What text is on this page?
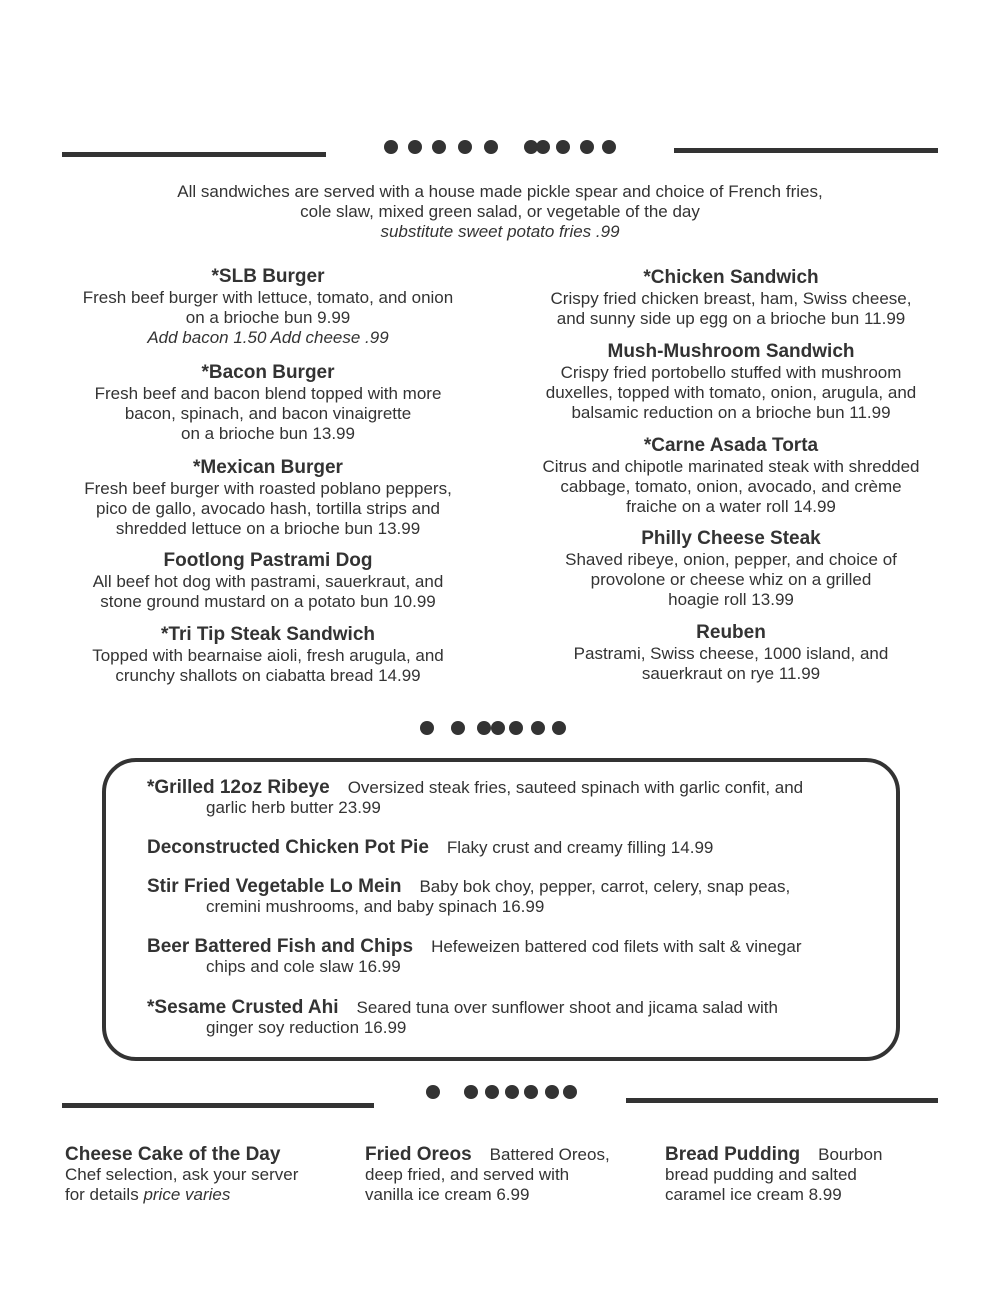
All sandwiches are served with a house made pickle spear and choice of French fries,
cole slaw, mixed green salad, or vegetable of the day
substitute sweet potato fries .99
*SLB Burger
Fresh beef burger with lettuce, tomato, and onion
on a brioche bun 9.99
Add bacon 1.50 Add cheese .99
*Bacon Burger
Fresh beef and bacon blend topped with more
bacon, spinach, and bacon vinaigrette
on a brioche bun 13.99
*Mexican Burger
Fresh beef burger with roasted poblano peppers,
pico de gallo, avocado hash, tortilla strips and
shredded lettuce on a brioche bun 13.99
Footlong Pastrami Dog
All beef hot dog with pastrami, sauerkraut, and
stone ground mustard on a potato bun 10.99
*Tri Tip Steak Sandwich
Topped with bearnaise aioli, fresh arugula, and
crunchy shallots on ciabatta bread 14.99
*Chicken Sandwich
Crispy fried chicken breast, ham, Swiss cheese,
and sunny side up egg on a brioche bun 11.99
Mush-Mushroom Sandwich
Crispy fried portobello stuffed with mushroom
duxelles, topped with tomato, onion, arugula, and
balsamic reduction on a brioche bun 11.99
*Carne Asada Torta
Citrus and chipotle marinated steak with shredded
cabbage, tomato, onion, avocado, and crème
fraiche on a water roll 14.99
Philly Cheese Steak
Shaved ribeye, onion, pepper, and choice of
provolone or cheese whiz on a grilled
hoagie roll 13.99
Reuben
Pastrami, Swiss cheese, 1000 island, and
sauerkraut on rye 11.99
*Grilled 12oz Ribeye Oversized steak fries, sauteed spinach with garlic confit, and
garlic herb butter 23.99
Deconstructed Chicken Pot Pie Flaky crust and creamy filling 14.99
Stir Fried Vegetable Lo Mein Baby bok choy, pepper, carrot, celery, snap peas,
cremini mushrooms, and baby spinach 16.99
Beer Battered Fish and Chips Hefeweizen battered cod filets with salt & vinegar
chips and cole slaw 16.99
*Sesame Crusted Ahi Seared tuna over sunflower shoot and jicama salad with
ginger soy reduction 16.99
Cheese Cake of the Day
Chef selection, ask your server
for details price varies
Fried Oreos Battered Oreos,
deep fried, and served with
vanilla ice cream 6.99
Bread Pudding Bourbon
bread pudding and salted
caramel ice cream 8.99
